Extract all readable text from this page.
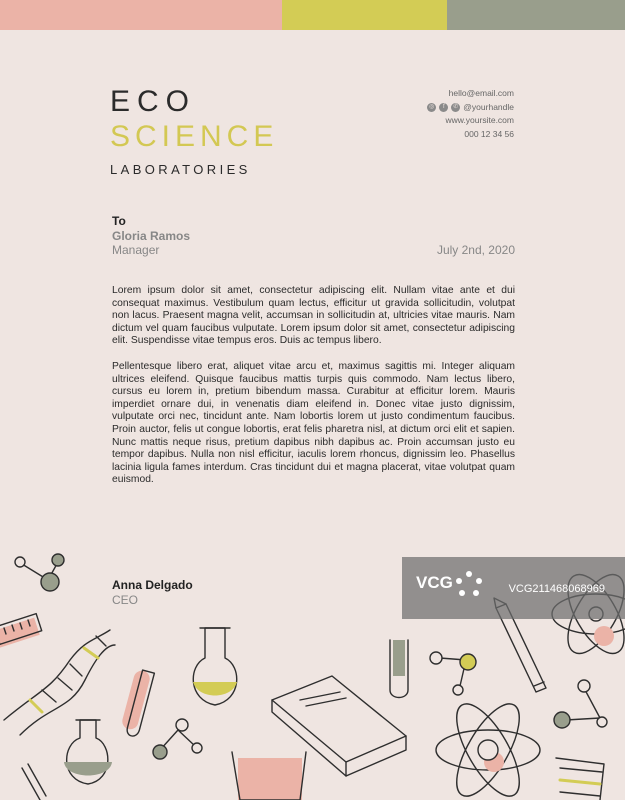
ECO
SCIENCE
LABORATORIES
hello@email.com
◎	f	✆ @yourhandle
www.yoursite.com
000 12 34 56
To
Gloria Ramos
Manager	July 2nd, 2020

Lorem ipsum dolor sit amet, consectetur adipiscing elit. Nullam vitae ante et dui consequat maximus. Vestibulum quam lectus, efficitur ut gravida sollicitudin, volutpat non lacus. Praesent magna velit, accumsan in sollicitudin at, ultricies vitae mauris. Nam dictum vel quam faucibus vulputate. Lorem ipsum dolor sit amet, consectetur adipiscing elit. Suspendisse vitae tempus eros. Duis ac tempus libero.

Pellentesque libero erat, aliquet vitae arcu et, maximus sagittis mi. Integer aliquam ultrices eleifend. Quisque faucibus mattis turpis quis commodo. Nam lectus libero, cursus eu lorem in, pretium bibendum massa. Curabitur at efficitur lorem. Mauris imperdiet ornare dui, in venenatis diam eleifend in. Donec vitae justo dignissim, vulputate orci nec, tincidunt ante. Nam lobortis lorem ut justo condimentum faucibus. Proin auctor, felis ut congue lobortis, erat felis pharetra nisl, at dictum orci elit et sapien. Nunc mattis neque risus, pretium dapibus nibh dapibus ac. Proin accumsan justo eu tempor dapibus. Nulla non nisl efficitur, iaculis lorem rhoncus, dignissim leo. Phasellus lacinia ligula fames interdum. Cras tincidunt dui et magna placerat, vitae volutpat quam euismod.

Anna Delgado
CEO
VCG	VCG211468068969
